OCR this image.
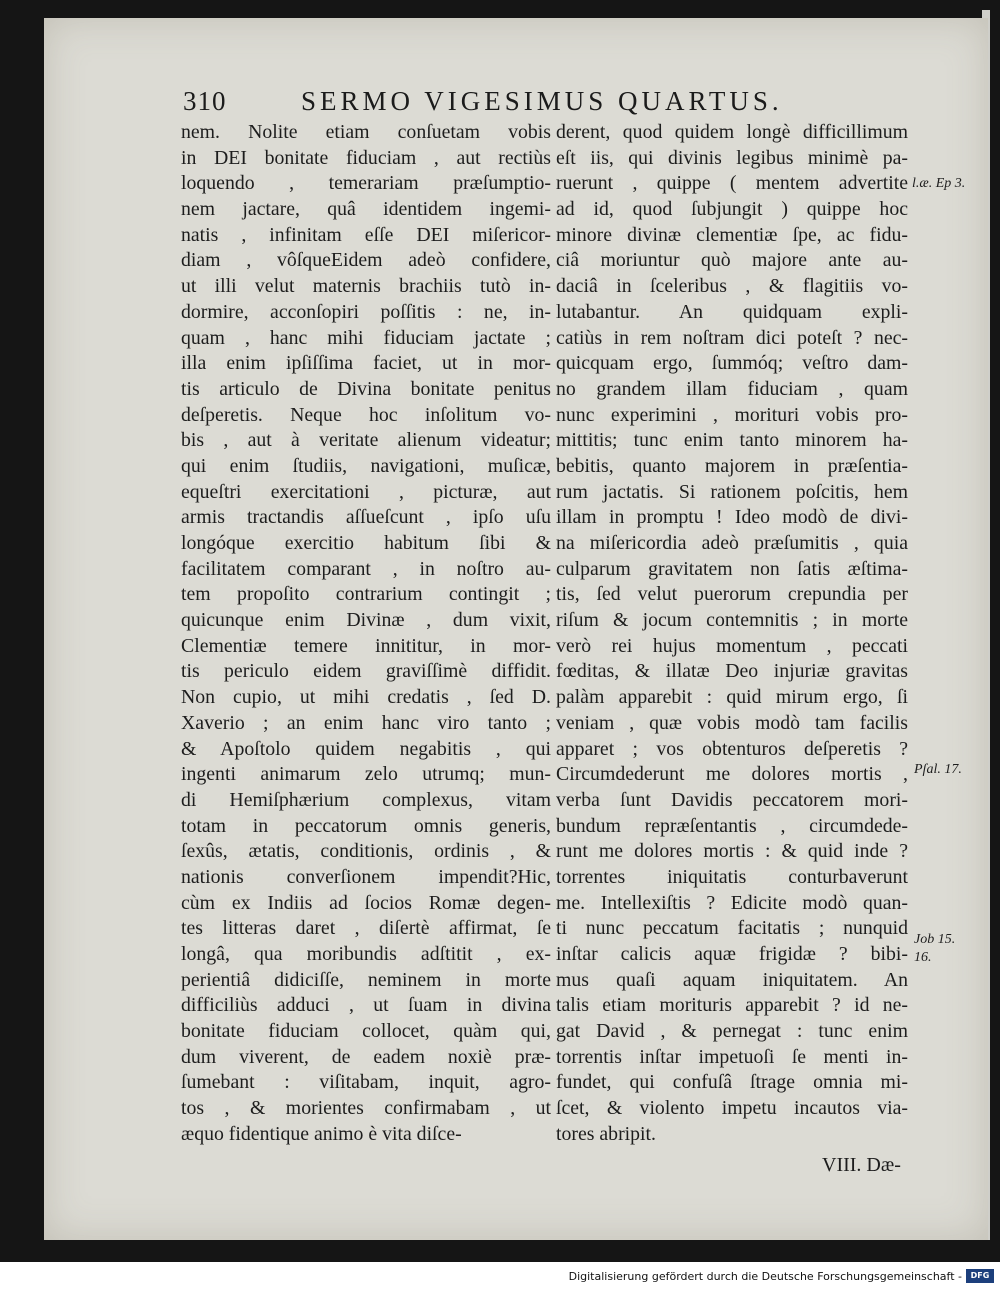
310	SERMO VIGESIMUS QUARTUS.
nem. Nolite etiam conſuetam vobis
in DEI bonitate fiduciam , aut rectiùs
loquendo , temerariam præſumptio-
nem jactare, quâ identidem ingemi-
natis , infinitam eſſe DEI miſericor-
diam , vôſqueEidem adeò confidere,
ut illi velut maternis brachiis tutò in-
dormire, acconſopiri poſſitis : ne, in-
quam , hanc mihi fiduciam jactate ;
illa enim ipſiſſima faciet, ut in mor-
tis articulo de Divina bonitate penitus
deſperetis. Neque hoc inſolitum vo-
bis , aut à veritate alienum videatur;
qui enim ſtudiis, navigationi, muſicæ,
equeſtri exercitationi , picturæ, aut
armis tractandis aſſueſcunt , ipſo uſu
longóque exercitio habitum ſibi &
facilitatem comparant , in noſtro au-
tem propoſito contrarium contingit ;
quicunque enim Divinæ , dum vixit,
Clementiæ temere innititur, in mor-
tis periculo eidem graviſſimè diffidit.
Non cupio, ut mihi credatis , ſed D.
Xaverio ; an enim hanc viro tanto ;
& Apoſtolo quidem negabitis , qui
ingenti animarum zelo utrumq; mun-
di Hemiſphærium complexus, vitam
totam in peccatorum omnis generis,
ſexûs, ætatis, conditionis, ordinis , &
nationis converſionem impendit?Hic,
cùm ex Indiis ad ſocios Romæ degen-
tes litteras daret , diſertè affirmat, ſe
longâ, qua moribundis adſtitit , ex-
perientiâ didiciſſe, neminem in morte
difficiliùs adduci , ut ſuam in divina
bonitate fiduciam collocet, quàm qui,
dum viverent, de eadem noxiè præ-
ſumebant : viſitabam, inquit, agro-
tos , & morientes confirmabam , ut
æquo fidentique animo è vita diſce-
derent, quod quidem longè difficillimum
eſt iis, qui divinis legibus minimè pa-
ruerunt , quippe ( mentem advertite
ad id, quod ſubjungit ) quippe hoc
minore divinæ clementiæ ſpe, ac fidu-
ciâ moriuntur quò majore ante au-
daciâ in ſceleribus , & flagitiis vo-
lutabantur. An quidquam expli-
catiùs in rem noſtram dici poteſt ? nec-
quicquam ergo, ſummóq; veſtro dam-
no grandem illam fiduciam , quam
nunc experimini , morituri vobis pro-
mittitis; tunc enim tanto minorem ha-
bebitis, quanto majorem in præſentia-
rum jactatis. Si rationem poſcitis, hem
illam in promptu ! Ideo modò de divi-
na miſericordia adeò præſumitis , quia
culparum gravitatem non ſatis æſtima-
tis, ſed velut puerorum crepundia per
riſum & jocum contemnitis ; in morte
verò rei hujus momentum , peccati
fœditas, & illatæ Deo injuriæ gravitas
palàm apparebit : quid mirum ergo, ſi
veniam , quæ vobis modò tam facilis
apparet ; vos obtenturos deſperetis ?
Circumdederunt me dolores mortis ,
verba ſunt Davidis peccatorem mori-
bundum repræſentantis , circumdede-
runt me dolores mortis : & quid inde ?
torrentes iniquitatis conturbaverunt
me. Intellexiſtis ? Edicite modò quan-
ti nunc peccatum facitatis ; nunquid
inſtar calicis aquæ frigidæ ? bibi-
mus quaſi aquam iniquitatem. An
talis etiam morituris apparebit ? id ne-
gat David , & pernegat : tunc enim
torrentis inſtar impetuoſi ſe menti in-
fundet, qui confuſâ ſtrage omnia mi-
ſcet, & violento impetu incautos via-
tores abripit.
l.æ. Ep 3.
Pſal. 17.
Job 15.
16.
VIII. Dæ-
Digitalisierung gefördert durch die Deutsche Forschungsgemeinschaft -	DFG
